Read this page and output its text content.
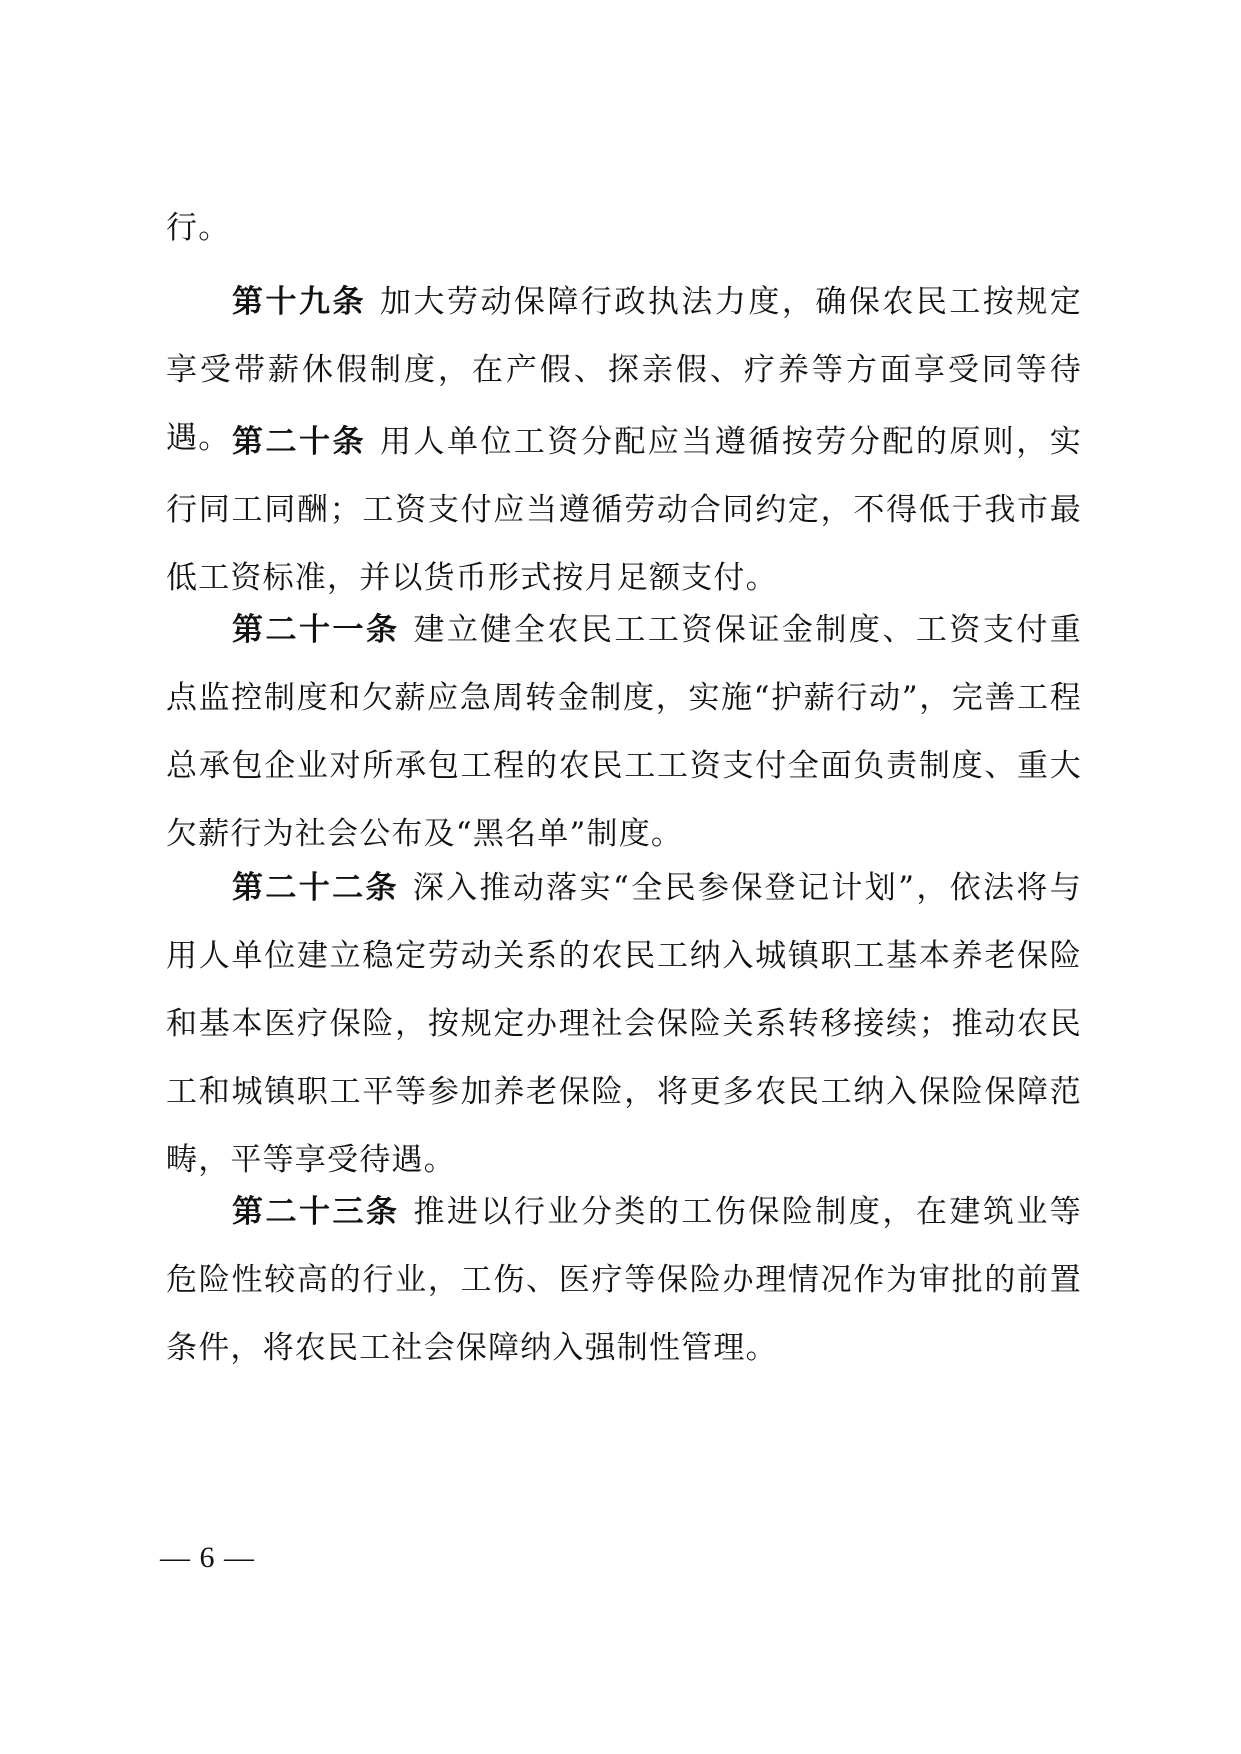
行。

第十九条 加大劳动保障行政执法力度，确保农民工按规定享受带薪休假制度，在产假、探亲假、疗养等方面享受同等待遇。 第二十条 用人单位工资分配应当遵循按劳分配的原则，实行同工同酬；工资支付应当遵循劳动合同约定，不得低于我市最低工资标准，并以货币形式按月足额支付。

第二十一条 建立健全农民工工资保证金制度、工资支付重点监控制度和欠薪应急周转金制度，实施“护薪行动”，完善工程总承包企业对所承包工程的农民工工资支付全面负责制度、重大欠薪行为社会公布及“黑名单”制度。

第二十二条 深入推动落实“全民参保登记计划”，依法将与用人单位建立稳定劳动关系的农民工纳入城镇职工基本养老保险和基本医疗保险，按规定办理社会保险关系转移接续；推动农民工和城镇职工平等参加养老保险，将更多农民工纳入保险保障范畴，平等享受待遇。

第二十三条 推进以行业分类的工伤保险制度，在建筑业等危险性较高的行业，工伤、医疗等保险办理情况作为审批的前置条件，将农民工社会保障纳入强制性管理。

— 6 —
